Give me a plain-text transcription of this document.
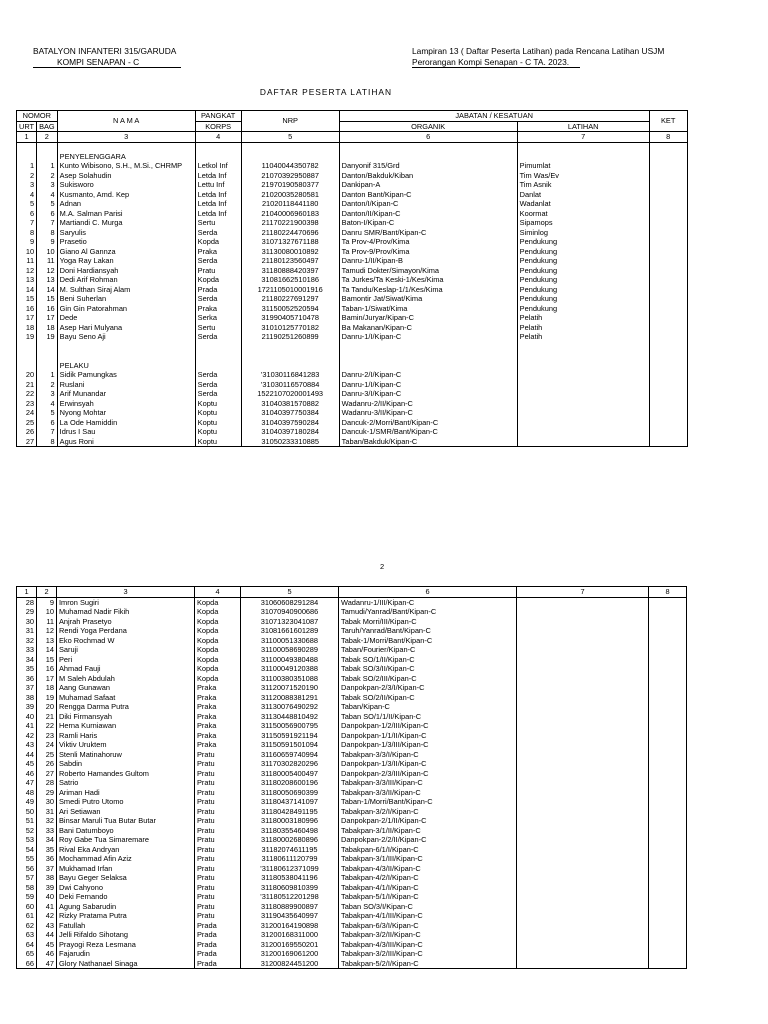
BATALYON INFANTERI 315/GARUDA
KOMPI SENAPAN - C
Lampiran 13 ( Daftar Peserta Latihan) pada Rencana Latihan USJM
Perorangan Kompi Senapan - C TA. 2023.
DAFTAR PESERTA LATIHAN
NOMOR		N A M A	PANGKAT	NRP	JABATAN / KESATUAN		KET
URT	BAG		KORPS		ORGANIK	LATIHAN	
1	2	3	4	5	6	7	8

		PENYELENGGARA					
1	1	Kunto Wibisono, S.H., M.Si., CHRMP	Letkol Inf	11040044350782	Danyonif 315/Grd	Pimumlat	
2	2	Asep Solahudin	Letda Inf	21070392950887	Danton/Bakduk/Kiban	Tim Was/Ev	
3	3	Sukisworo	Lettu Inf	21970190580377	Dankipan-A	Tim Asnik	
4	4	Kusmanto, Amd. Kep	Letda Inf	21020035280581	Danton Bant/Kipan-C	Danlat	
5	5	Adnan	Letda Inf	21020118441180	Danton/I/Kipan-C	Wadanlat	
6	6	M.A. Salman Parisi	Letda Inf	21040006960183	Danton/II/Kipan-C	Koormat	
7	7	Martiandi C. Murga	Sertu	21170221900398	Baton-I/Kipan-C	Sipamops	
8	8	Saryulis	Serda	21180224470696	Danru SMR/Bant/Kipan-C	Siminlog	
9	9	Prasetio	Kopda	31071327671188	Ta Prov-4/Prov/Kima	Pendukung	
10	10	Giano Al Gannza	Praka	31130080010892	Ta Prov-9/Prov/Kima	Pendukung	
11	11	Yoga Ray Lakan	Serda	21180123560497	Danru-1/II/Kipan-B	Pendukung	
12	12	Doni Hardiansyah	Pratu	31180888420397	Tamudi Dokter/Simayon/Kima	Pendukung	
13	13	Dedi Arif Rohman	Kopda	31081662510186	Ta Jurkes/Ta Keski-1/Kes/Kima	Pendukung	
14	14	M. Sulthan Siraj Alam	Prada	1721105010001916	Ta Tandu/Keslap-1/1/Kes/Kima	Pendukung	
15	15	Beni Suherlan	Serda	21180227691297	Bamontir Jat/Siwat/Kima	Pendukung	
16	16	Gin Gin Patorahman	Praka	31150052520594	Taban-1/Siwat/Kima	Pendukung	
17	17	Dede	Serka	31990405710478	Bamin/Juryar/Kipan-C	Pelatih	
18	18	Asep Hari Mulyana	Sertu	31010125770182	Ba Makanan/Kipan-C	Pelatih	
19	19	Bayu Seno Aji	Serda	21190251260899	Danru-1/I/Kipan-C	Pelatih	

		PELAKU					
20	1	Sidik Pamungkas	Serda	'31030116841283	Danru-2/I/Kipan-C		
21	2	Ruslani	Serda	'31030116570884	Danru-1/I/Kipan-C		
22	3	Arif Munandar	Serda	1522107020001493	Danru-3/I/Kipan-C		
23	4	Erwinsyah	Koptu	31040381570882	Wadanru-2/II/Kipan-C		
24	5	Nyong Mohtar	Koptu	31040397750384	Wadanru-3/II/Kipan-C		
25	6	La Ode Hamiddin	Koptu	31040397590284	Dancuk-2/Morri/Bant/Kipan-C		
26	7	Idrus I Sau	Koptu	31040397180284	Dancuk-1/SMR/Bant/Kipan-C		
27	8	Agus Roni	Koptu	31050233310885	Taban/Bakduk/Kipan-C		
2
1	2	3	4	5	6	7	8
28	9	Imron Sugiri	Kopda	31060608291284	Wadanru-1/III/Kipan-C		
29	10	Muhamad Nadir Fikih	Kopda	31070940900686	Tamudi/Yanrad/Bant/Kipan-C		
30	11	Anjrah Prasetyo	Kopda	31071323041087	Tabak Morri/III/Kipan-C		
31	12	Rendi Yoga Perdana	Kopda	31081661601289	Taruh/Yanrad/Bant/Kipan-C		
32	13	Eko Rochmad W	Kopda	31100051330688	Tabak-1/Morri/Bant/Kipan-C		
33	14	Saruji	Kopda	31100058690289	Taban/Fourier/Kipan-C		
34	15	Peri	Kopda	31100049380488	Tabak SO/1/II/Kipan-C		
35	16	Ahmad Fauji	Kopda	31100049120388	Tabak SO/3/II/Kipan-C		
36	17	M Saleh Abdulah	Kopda	31100380351088	Tabak SO/2/III/Kipan-C		
37	18	Aang Gunawan	Praka	31120071520190	Danpokpan-2/3/I/Kipan-C		
38	19	Muhamad Safaat	Praka	31120088381291	Tabak SO/2/II/Kipan-C		
39	20	Rengga Darma Putra	Praka	31130076490292	Taban/Kipan-C		
40	21	Diki Firmansyah	Praka	31130448810492	Taban SO/1/1/II/Kipan-C		
41	22	Herna Kurniawan	Praka	31150056900795	Danpokpan-1/2/III/Kipan-C		
42	23	Ramli Haris	Praka	31150591921194	Danpokpan-1/1/II/Kipan-C		
43	24	Viktiv Uruktem	Praka	31150591501094	Danpokpan-1/3/III/Kipan-C		
44	25	Stenli Matinahoruw	Pratu	31160659740994	Tabakpan-3/3/I/Kipan-C		
45	26	Sabdin	Pratu	31170302820296	Danpokpan-1/3/II/Kipan-C		
46	27	Roberto Hamandes Gultom	Pratu	31180005400497	Danpokpan-2/3/III/Kipan-C		
47	28	Satrio	Pratu	31180208600196	Tabakpan-3/3/III/Kipan-C		
48	29	Ariman Hadi	Pratu	31180050690399	Tabakpan-3/3/II/Kipan-C		
49	30	Smedi Putro Utomo	Pratu	31180437141097	Taban-1/Morri/Bant/Kipan-C		
50	31	Ari Setiawan	Pratu	31180428491195	Tabakpan-3/2/I/Kipan-C		
51	32	Binsar Maruli Tua Butar Butar	Pratu	31180003180996	Danpokpan-2/1/II/Kipan-C		
52	33	Bani Datumboyo	Pratu	31180355460498	Tabakpan-3/1/II/Kipan-C		
53	34	Roy Gabe Tua Simaremare	Pratu	31180002680896	Danpokpan-2/2/II/Kipan-C		
54	35	Rival Eka Andryan	Pratu	31182074611195	Tabakpan-6/1/I/Kipan-C		
55	36	Mochammad Afin Aziz	Pratu	31180611120799	Tabakpan-3/1/III/Kipan-C		
56	37	Mukhamad Irfan	Pratu	'31180612371099	Tabakpan-4/3/II/Kipan-C		
57	38	Bayu Geger Selaksa	Pratu	31180538041196	Tabakpan-4/2/I/Kipan-C		
58	39	Dwi Cahyono	Pratu	31180609810399	Tabakpan-4/1/I/Kipan-C		
59	40	Deki Fernando	Pratu	'31180512201298	Tabakpan-5/1/I/Kipan-C		
60	41	Agung Sabarudin	Pratu	31180889900897	Taban SO/3/I/Kipan-C		
61	42	Rizky Pratama Putra	Pratu	31190435640997	Tabakpan-4/1/III/Kipan-C		
62	43	Fatullah	Prada	31200164190898	Tabakpan-6/3/I/Kipan-C		
63	44	Jelli Rifaldo Sihotang	Prada	31200168311000	Tabakpan-3/2/II/Kipan-C		
64	45	Prayogi Reza Lesmana	Prada	31200169550201	Tabakpan-4/3/III/Kipan-C		
65	46	Fajarudin	Prada	31200169061200	Tabakpan-3/2/III/Kipan-C		
66	47	Glory Nathanael Sinaga	Prada	31200824451200	Tabakpan-5/2/I/Kipan-C		
